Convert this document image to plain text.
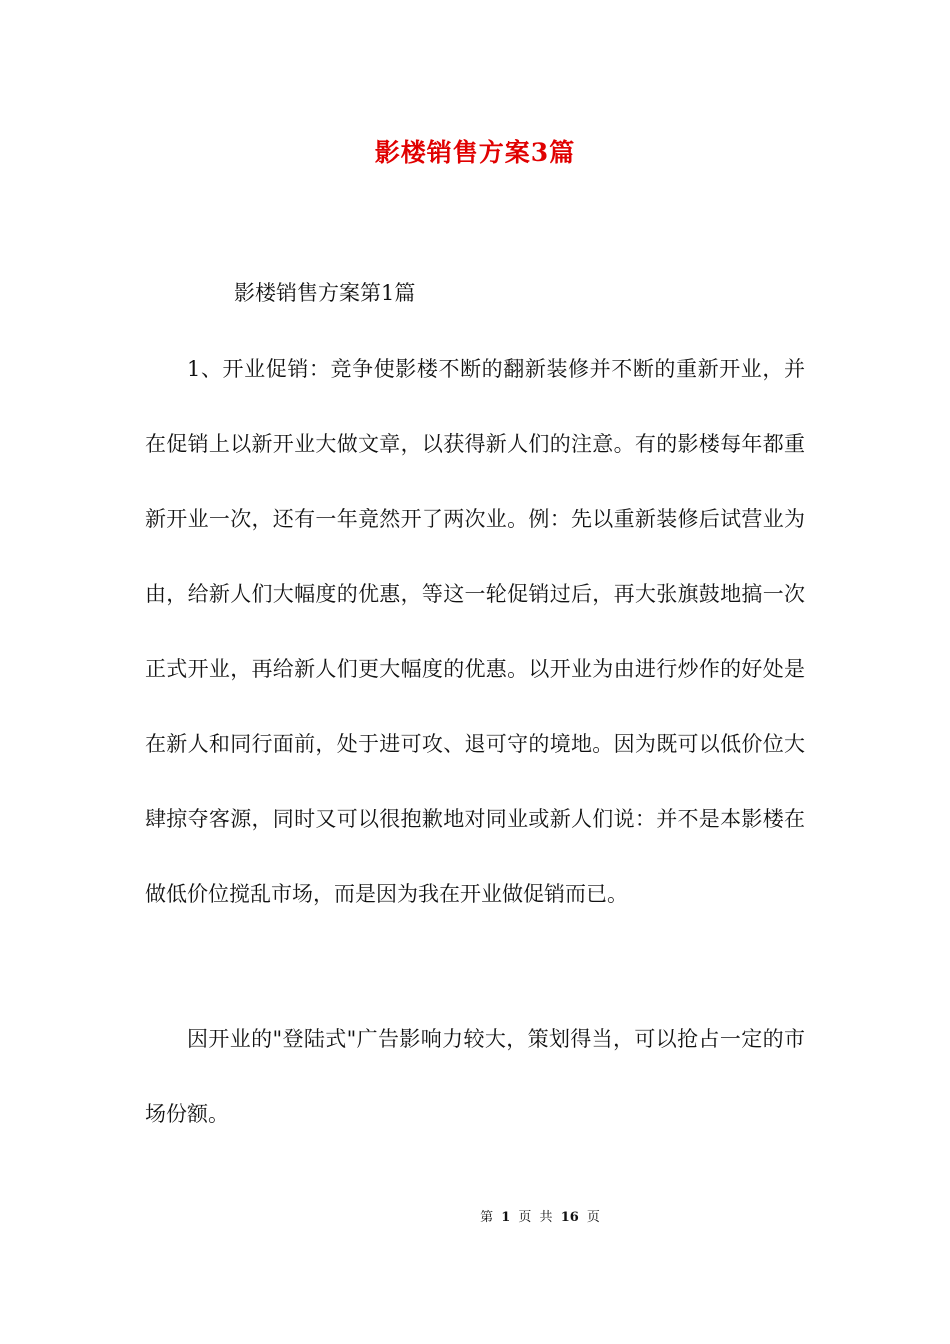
影楼销售方案3篇
影楼销售方案第1篇

1、开业促销：竞争使影楼不断的翻新装修并不断的重新开业，并在促销上以新开业大做文章，以获得新人们的注意。有的影楼每年都重新开业一次，还有一年竟然开了两次业。例：先以重新装修后试营业为由，给新人们大幅度的优惠，等这一轮促销过后，再大张旗鼓地搞一次正式开业，再给新人们更大幅度的优惠。以开业为由进行炒作的好处是在新人和同行面前，处于进可攻、退可守的境地。因为既可以低价位大肆掠夺客源，同时又可以很抱歉地对同业或新人们说：并不是本影楼在做低价位搅乱市场，而是因为我在开业做促销而已。

因开业的"登陆式"广告影响力较大，策划得当，可以抢占一定的市场份额。

第 1 页 共 16 页
